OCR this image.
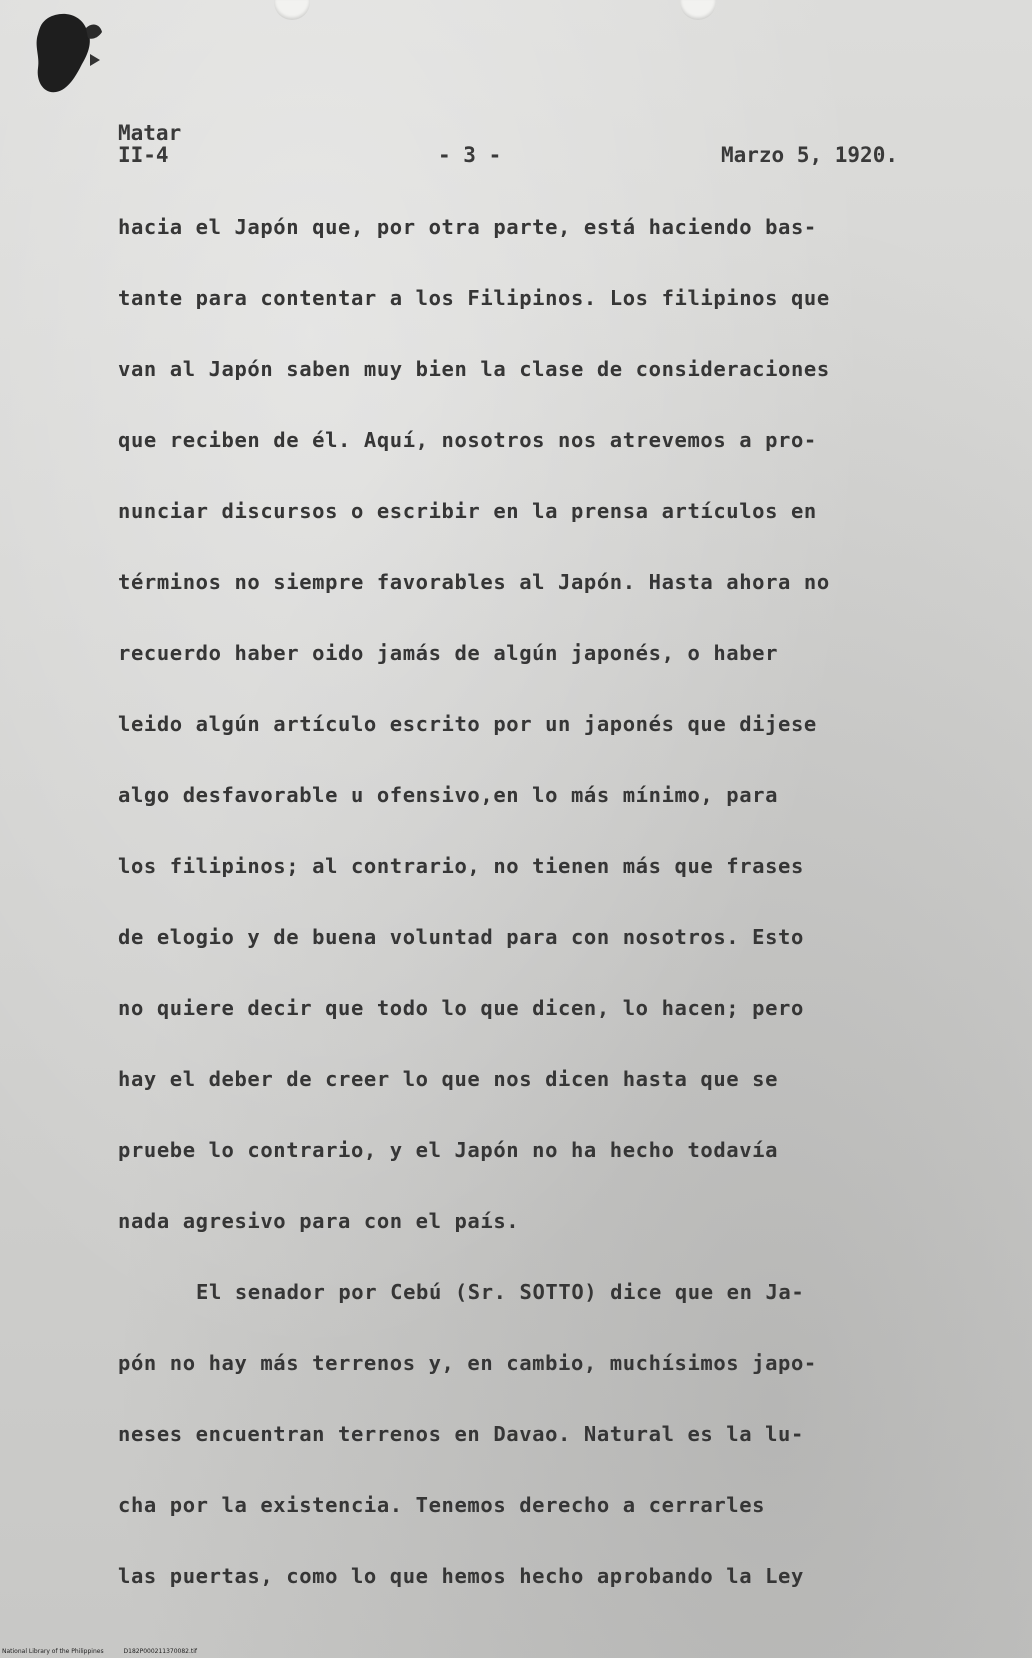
Matar
II-4	- 3 -	Marzo 5, 1920.
hacia el Japón que, por otra parte, está haciendo bas-
tante para contentar a los Filipinos. Los filipinos que
van al Japón saben muy bien la clase de consideraciones
que reciben de él. Aquí, nosotros nos atrevemos a pro-
nunciar discursos o escribir en la prensa artículos en
términos no siempre favorables al Japón. Hasta ahora no
recuerdo haber oido jamás de algún japonés, o haber
leido algún artículo escrito por un japonés que dijese
algo desfavorable u ofensivo,en lo más mínimo, para
los filipinos; al contrario, no tienen más que frases
de elogio y de buena voluntad para con nosotros. Esto
no quiere decir que todo lo que dicen, lo hacen; pero
hay el deber de creer lo que nos dicen hasta que se
pruebe lo contrario, y el Japón no ha hecho todavía
nada agresivo para con el país.
El senador por Cebú (Sr. SOTTO) dice que en Ja-
pón no hay más terrenos y, en cambio, muchísimos japo-
neses encuentran terrenos en Davao. Natural es la lu-
cha por la existencia. Tenemos derecho a cerrarles
las puertas, como lo que hemos hecho aprobando la Ley
National Library of the Philippines	D182P000211370082.tif
